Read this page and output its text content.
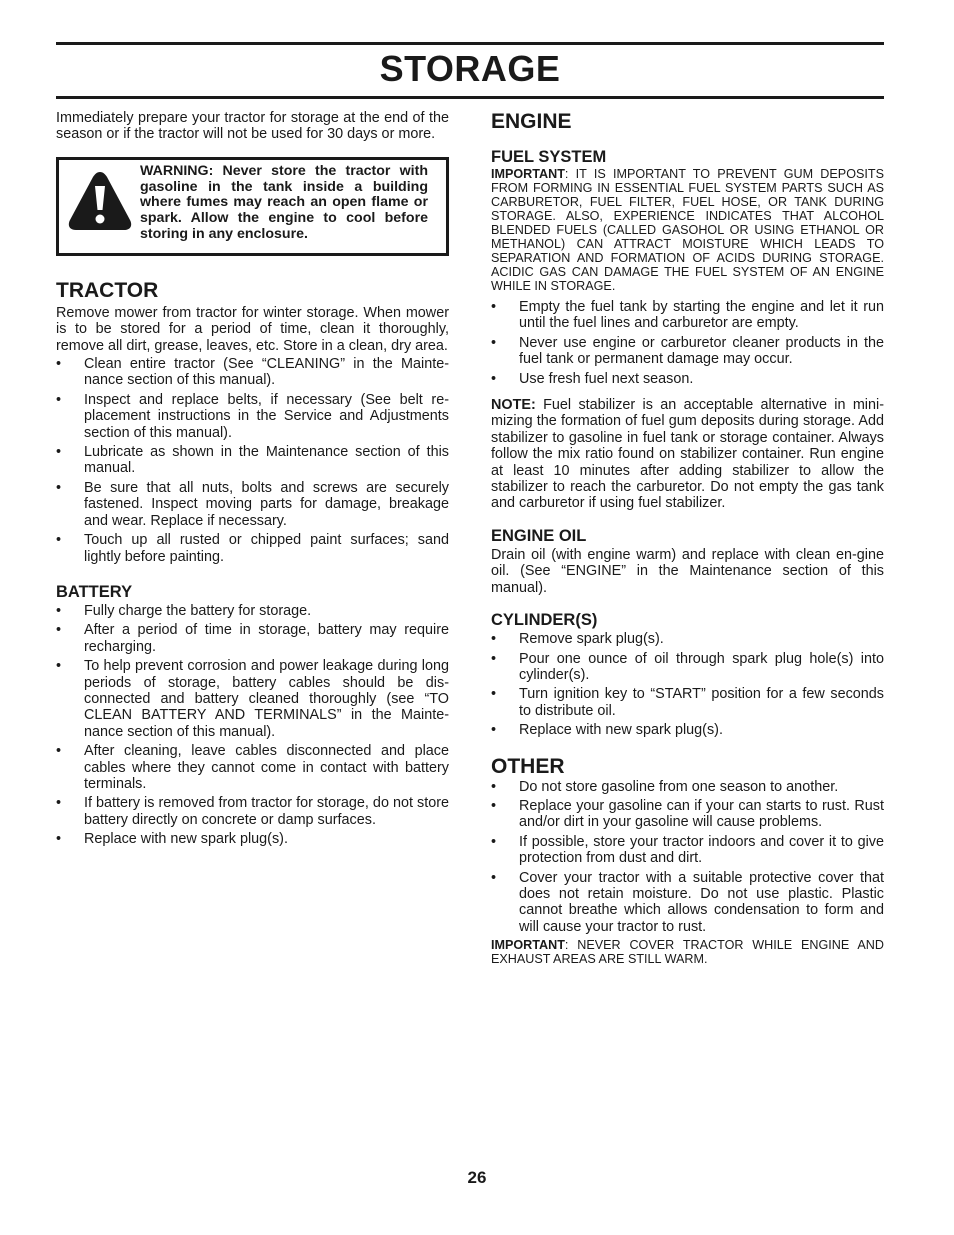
STORAGE

Immediately prepare your tractor for storage at the end of the season or if the tractor will not be used for 30 days or more.

WARNING: Never store the tractor with gasoline in the tank inside a building where fumes may reach an open flame or spark. Allow the engine to cool before storing in any enclosure.
TRACTOR

Remove mower from tractor for winter storage. When mower is to be stored for a period of time, clean it thoroughly, remove all dirt, grease, leaves, etc. Store in a clean, dry area.

• Clean entire tractor (See “CLEANING” in the Mainte-nance section of this manual).
• Inspect and replace belts, if necessary (See belt re-placement instructions in the Service and Adjustments section of this manual).
• Lubricate as shown in the Maintenance section of this manual.
• Be sure that all nuts, bolts and screws are securely fastened. Inspect moving parts for damage, breakage and wear. Replace if necessary.
• Touch up all rusted or chipped paint surfaces; sand lightly before painting.
BATTERY
• Fully charge the battery for storage.
• After a period of time in storage, battery may require recharging.
• To help prevent corrosion and power leakage during long periods of storage, battery cables should be dis-connected and battery cleaned thoroughly (see “TO CLEAN BATTERY AND TERMINALS” in the Mainte-nance section of this manual).
• After cleaning, leave cables disconnected and place cables where they cannot come in contact with battery terminals.
• If battery is removed from tractor for storage, do not store battery directly on concrete or damp surfaces.
• Replace with new spark plug(s).
ENGINE
FUEL SYSTEM

IMPORTANT: IT IS IMPORTANT TO PREVENT GUM DEPOSITS FROM FORMING IN ESSENTIAL FUEL SYSTEM PARTS SUCH AS CARBURETOR, FUEL FILTER, FUEL HOSE, OR TANK DURING STORAGE. ALSO, EXPERIENCE INDICATES THAT ALCOHOL BLENDED FUELS (CALLED GASOHOL OR USING ETHANOL OR METHANOL) CAN ATTRACT MOISTURE WHICH LEADS TO SEPARATION AND FORMATION OF ACIDS DURING STORAGE. ACIDIC GAS CAN DAMAGE THE FUEL SYSTEM OF AN ENGINE WHILE IN STORAGE.

• Empty the fuel tank by starting the engine and let it run until the fuel lines and carburetor are empty.
• Never use engine or carburetor cleaner products in the fuel tank or permanent damage may occur.
• Use fresh fuel next season.

NOTE: Fuel stabilizer is an acceptable alternative in mini-mizing the formation of fuel gum deposits during storage. Add stabilizer to gasoline in fuel tank or storage container. Always follow the mix ratio found on stabilizer container. Run engine at least 10 minutes after adding stabilizer to allow the stabilizer to reach the carburetor. Do not empty the gas tank and carburetor if using fuel stabilizer.

ENGINE OIL

Drain oil (with engine warm) and replace with clean en-gine oil. (See “ENGINE” in the Maintenance section of this manual).

CYLINDER(S)
• Remove spark plug(s).
• Pour one ounce of oil through spark plug hole(s) into cylinder(s).
• Turn ignition key to “START” position for a few seconds to distribute oil.
• Replace with new spark plug(s).
OTHER
• Do not store gasoline from one season to another.
• Replace your gasoline can if your can starts to rust. Rust and/or dirt in your gasoline will cause problems.
• If possible, store your tractor indoors and cover it to give protection from dust and dirt.
• Cover your tractor with a suitable protective cover that does not retain moisture. Do not use plastic. Plastic cannot breathe which allows condensation to form and will cause your tractor to rust.

IMPORTANT: NEVER COVER TRACTOR WHILE ENGINE AND EXHAUST AREAS ARE STILL WARM.

26
